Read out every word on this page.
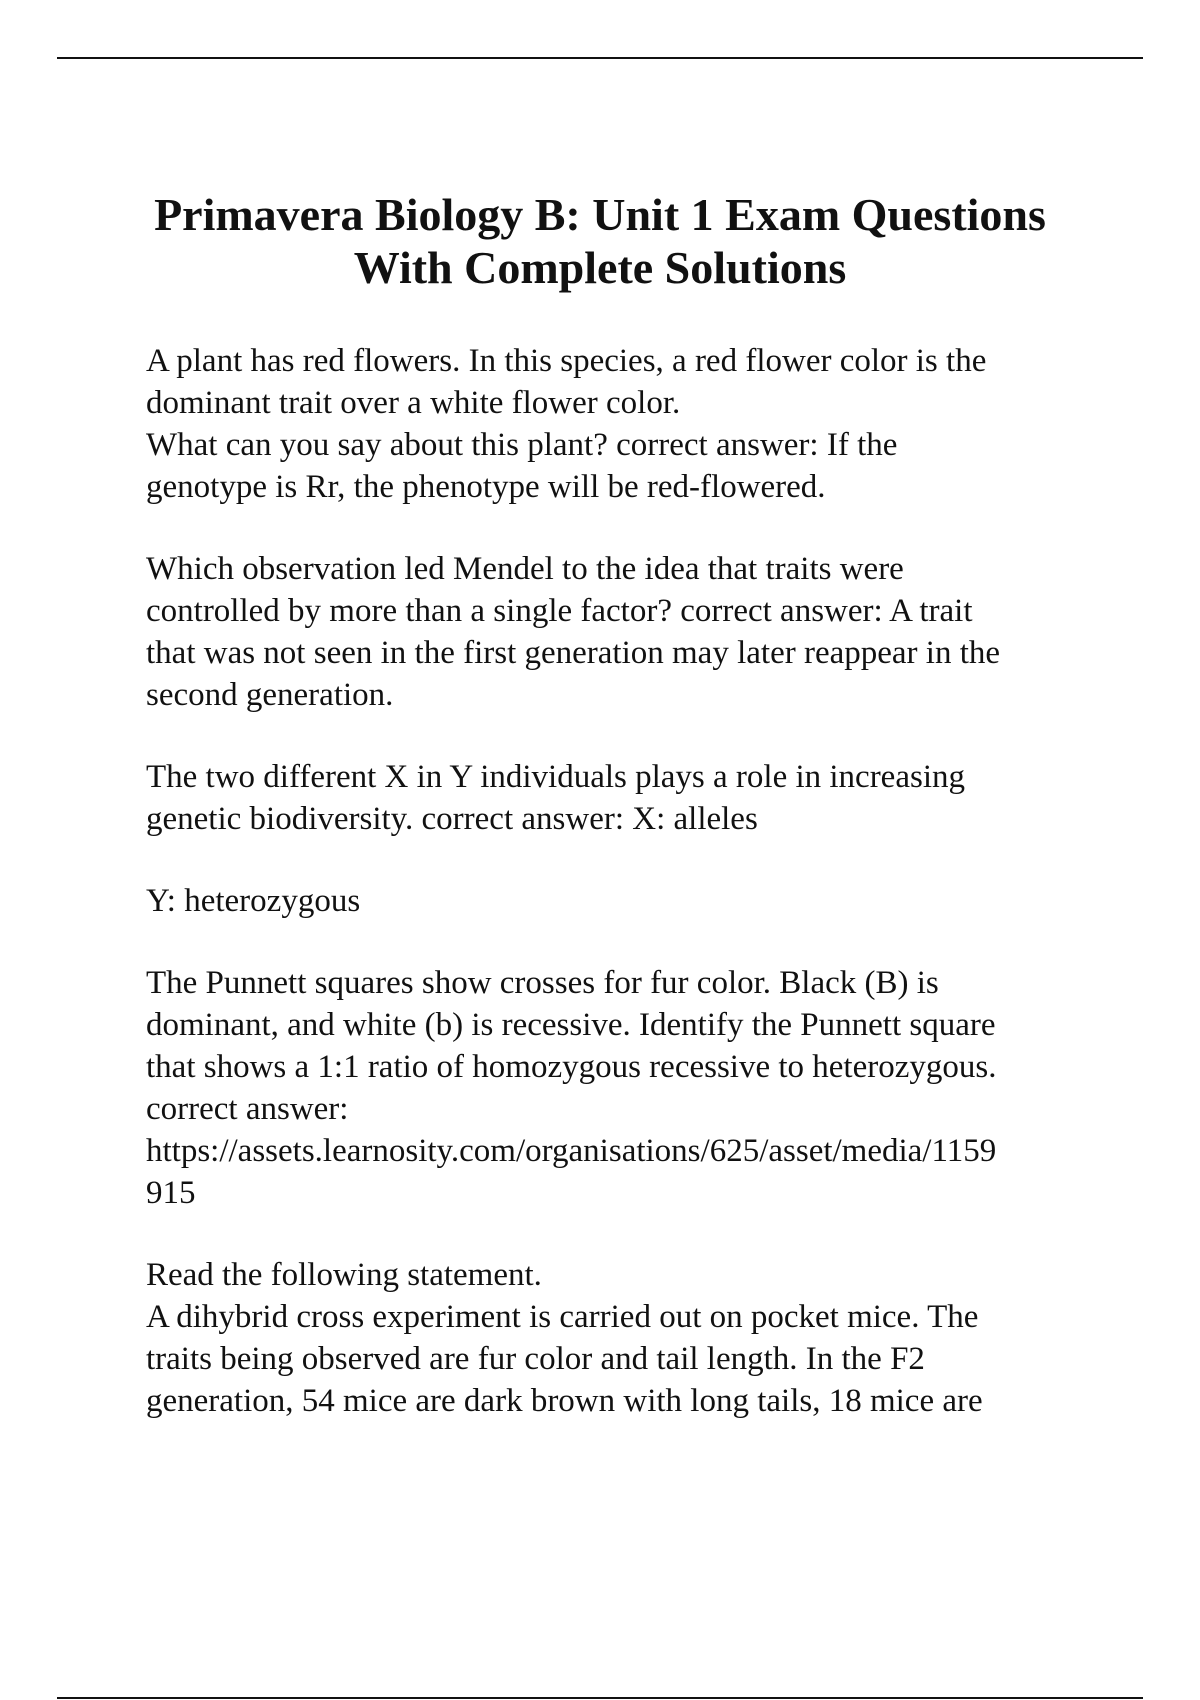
Primavera Biology B: Unit 1 Exam Questions
With Complete Solutions
A plant has red flowers. In this species, a red flower color is the
dominant trait over a white flower color.
What can you say about this plant? correct answer: If the
genotype is Rr, the phenotype will be red-flowered.
Which observation led Mendel to the idea that traits were
controlled by more than a single factor? correct answer: A trait
that was not seen in the first generation may later reappear in the
second generation.
The two different X in Y individuals plays a role in increasing
genetic biodiversity. correct answer: X: alleles
Y: heterozygous
The Punnett squares show crosses for fur color. Black (B) is
dominant, and white (b) is recessive. Identify the Punnett square
that shows a 1:1 ratio of homozygous recessive to heterozygous.
correct answer:
https://assets.learnosity.com/organisations/625/asset/media/1159
915
Read the following statement.
A dihybrid cross experiment is carried out on pocket mice. The
traits being observed are fur color and tail length. In the F2
generation, 54 mice are dark brown with long tails, 18 mice are
